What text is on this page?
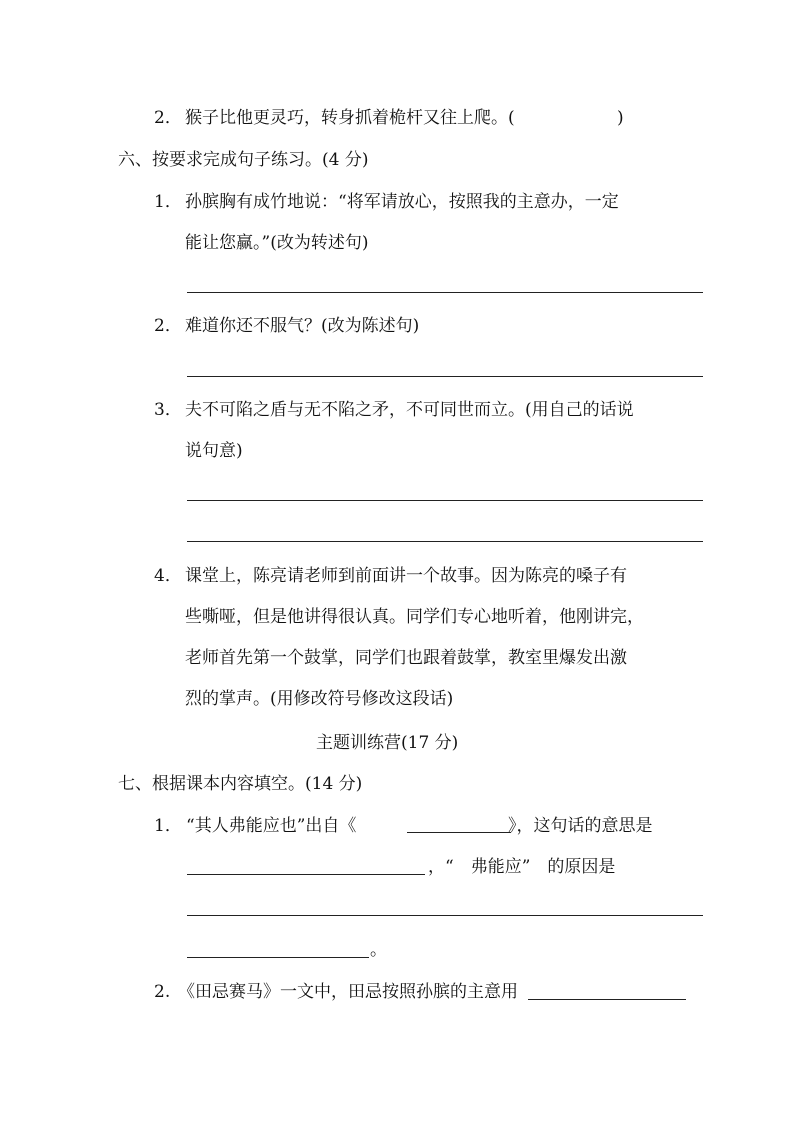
2． 猴子比他更灵巧，转身抓着桅杆又往上爬。(	)
六、按要求完成句子练习。(4 分)
1． 孙膑胸有成竹地说：“将军请放心，按照我的主意办，一定
能让您赢。”(改为转述句)
2． 难道你还不服气？(改为陈述句)
3． 夫不可陷之盾与无不陷之矛，不可同世而立。(用自己的话说
说句意)
4． 课堂上，陈亮请老师到前面讲一个故事。因为陈亮的嗓子有
些嘶哑，但是他讲得很认真。同学们专心地听着，他刚讲完，
老师首先第一个鼓掌，同学们也跟着鼓掌，教室里爆发出激
烈的掌声。(用修改符号修改这段话)
主题训练营(17 分)
七、根据课本内容填空。(14 分)
1． “其人弗能应也”出自《	》，这句话的意思是
，“　弗能应”　的原因是
。
2. 《田忌赛马》一文中，田忌按照孙膑的主意用
